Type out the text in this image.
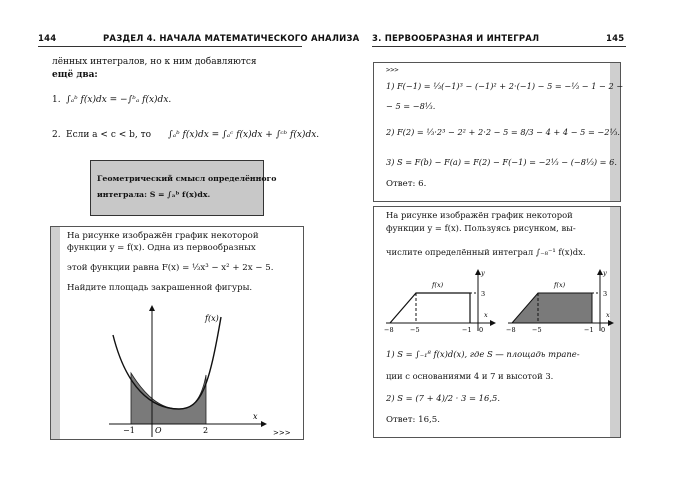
144	РАЗДЕЛ 4. НАЧАЛА МАТЕМАТИЧЕСКОГО АНАЛИЗА
лённых интегралов, но к ним добавляются
ещё два:
1. ∫ₐᵇ f(x)dx = −∫ᵇₐ f(x)dx.
2. Если a < c < b, то ∫ₐᵇ f(x)dx = ∫ₐᶜ f(x)dx + ∫ᶜᵇ f(x)dx.
Геометрический смысл определённого
интеграла: S = ∫ₐᵇ f(x)dx.
На рисунке изображён график некоторой
функции y = f(x). Одна из первообразных
этой функции равна F(x) = ⅓x³ − x² + 2x − 5.
Найдите площадь закрашенной фигуры.
f(x)
x
O
−1	2	>>>
3. ПЕРВООБРАЗНАЯ И ИНТЕГРАЛ	145
>>>
1) F(−1) = ⅓(−1)³ − (−1)² + 2·(−1) − 5 = −⅓ − 1 − 2 −
− 5 = −8⅓.
2) F(2) = ⅓·2³ − 2² + 2·2 − 5 = 8/3 − 4 + 4 − 5 = −2⅓.
3) S = F(b) − F(a) = F(2) − F(−1) = −2⅓ − (−8⅓) = 6.
Ответ: 6.
На рисунке изображён график некоторой
функции y = f(x). Пользуясь рисунком, вы-
числите определённый интеграл ∫₋₈⁻¹ f(x)dx.
f(x)
y
x
3
−8	−5	−1 0
f(x)
y
x
3
−8	−5	−1 0
1) S = ∫₋₁⁸ f(x)d(x), где S — площадь трапе-
ции с основаниями 4 и 7 и высотой 3.
2) S = (7 + 4)/2 · 3 = 16,5.
Ответ: 16,5.
